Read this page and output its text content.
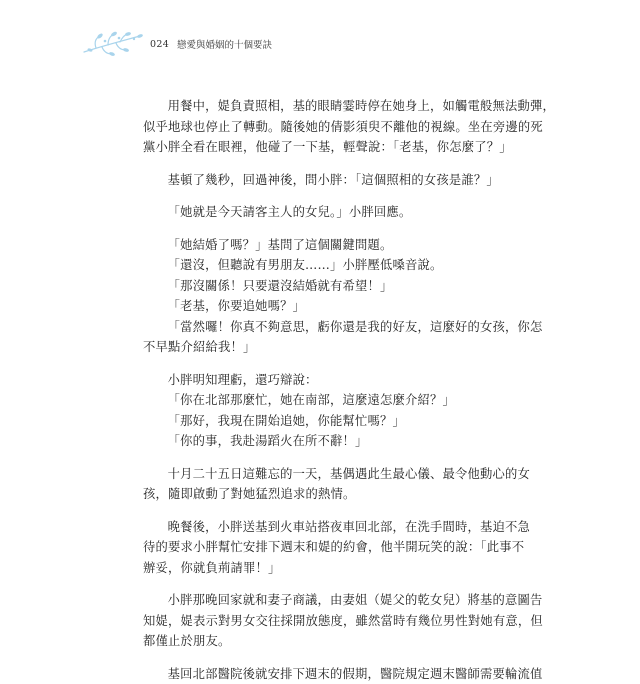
024 戀愛與婚姻的十個要訣

用餐中，媞負責照相，基的眼睛霎時停在她身上，如觸電般無法動彈，
似乎地球也停止了轉動。隨後她的倩影須臾不離他的視線。坐在旁邊的死
黨小胖全看在眼裡，他碰了一下基，輕聲說：「老基，你怎麼了？」

基頓了幾秒，回過神後，問小胖：「這個照相的女孩是誰？」

「她就是今天請客主人的女兒。」小胖回應。

「她結婚了嗎？」基問了這個關鍵問題。
「還沒，但聽說有男朋友……」小胖壓低嗓音說。
「那沒關係！只要還沒結婚就有希望！」
「老基，你要追她嗎？」
「當然囉！你真不夠意思，虧你還是我的好友，這麼好的女孩，你怎
不早點介紹給我！」

小胖明知理虧，還巧辯說：
「你在北部那麼忙，她在南部，這麼遠怎麼介紹？」
「那好，我現在開始追她，你能幫忙嗎？」
「你的事，我赴湯蹈火在所不辭！」

十月二十五日這難忘的一天，基偶遇此生最心儀、最令他動心的女
孩，隨即啟動了對她猛烈追求的熱情。

晚餐後，小胖送基到火車站搭夜車回北部，在洗手間時，基迫不急
待的要求小胖幫忙安排下週末和媞的約會，他半開玩笑的說：「此事不
辦妥，你就負荊請罪！」

小胖那晚回家就和妻子商議，由妻姐（媞父的乾女兒）將基的意圖告
知媞，媞表示對男女交往採開放態度，雖然當時有幾位男性對她有意，但
都僅止於朋友。

基回北部醫院後就安排下週末的假期，醫院規定週末醫師需要輪流值
